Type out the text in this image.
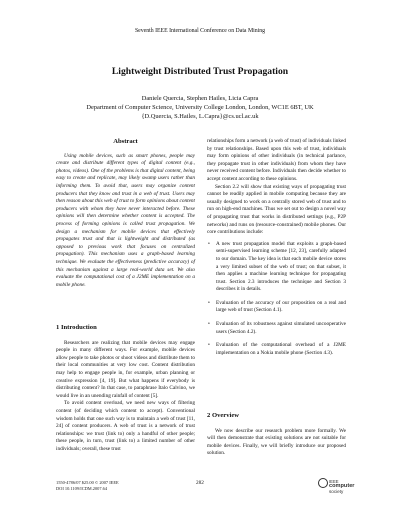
Seventh IEEE International Conference on Data Mining
Lightweight Distributed Trust Propagation
Daniele Quercia, Stephen Hailes, Licia Capra
Department of Computer Science, University College London, London, WC1E 6BT, UK
{D.Quercia, S.Hailes, L.Capra}@cs.ucl.ac.uk
Abstract

Using mobile devices, such as smart phones, people may create and distribute different types of digital content (e.g., photos, videos). One of the problems is that digital content, being easy to create and replicate, may likely swamp users rather than informing them. To avoid that, users may organize content producers that they know and trust in a web of trust. Users may then reason about this web of trust to form opinions about content producers with whom they have never interacted before. These opinions will then determine whether content is accepted. The process of forming opinions is called trust propagation. We design a mechanism for mobile devices that effectively propagates trust and that is lightweight and distributed (as opposed to previous work that focuses on centralized propagation). This mechanism uses a graph-based learning technique. We evaluate the effectiveness (predictive accuracy) of this mechanism against a large real-world data set. We also evaluate the computational cost of a J2ME implementation on a mobile phone.

1 Introduction

Researchers are realizing that mobile devices may engage people in many different ways. For example, mobile devices allow people to take photos or shoot videos and distribute them to their local communities at very low cost. Content distribution may help to engage people in, for example, urban planning or creative expression [4, 19]. But what happens if everybody is distributing content? In that case, to paraphrase Italo Calvino, we would live in an unending rainfall of content [5].

To avoid content overload, we need new ways of filtering content (of deciding which content to accept). Conventional wisdom holds that one such way is to maintain a web of trust [11, 24] of content producers. A web of trust is a network of trust relationships: we trust (link to) only a handful of other people; these people, in turn, trust (link to) a limited number of other individuals; overall, these trust

relationships form a network (a web of trust) of individuals linked by trust relationships. Based upon this web of trust, individuals may form opinions of other individuals (in technical parlance, they propagate trust in other individuals) from whom they have never received content before. Individuals then decide whether to accept content according to these opinions.

Section 2.2 will show that existing ways of propagating trust cannot be readily applied in mobile computing because they are usually designed to work on a centrally stored web of trust and to run on high-end machines. Thus we set out to design a novel way of propagating trust that works in distributed settings (e.g., P2P networks) and runs on (resource-constrained) mobile phones. Our core contributions include:

• A new trust propagation model that exploits a graph-based semi-supervised learning scheme [12, 23], carefully adapted to our domain. The key idea is that each mobile device stores a very limited subset of the web of trust; on that subset, it then applies a machine learning technique for propagating trust. Section 2.3 introduces the technique and Section 3 describes it in details.
• Evaluation of the accuracy of our proposition on a real and large web of trust (Section 4.1).
• Evaluation of its robustness against simulated uncooperative users (Section 4.2).
• Evaluation of the computational overhead of a J2ME implementation on a Nokia mobile phone (Section 4.3).
2 Overview

We now describe our research problem more formally. We will then demonstrate that existing solutions are not suitable for mobile devices. Finally, we will briefly introduce our proposed solution.

1550-4786/07 $25.00 © 2007 IEEE
DOI 10.1109/ICDM.2007.64
282	IEEE
computer
society
